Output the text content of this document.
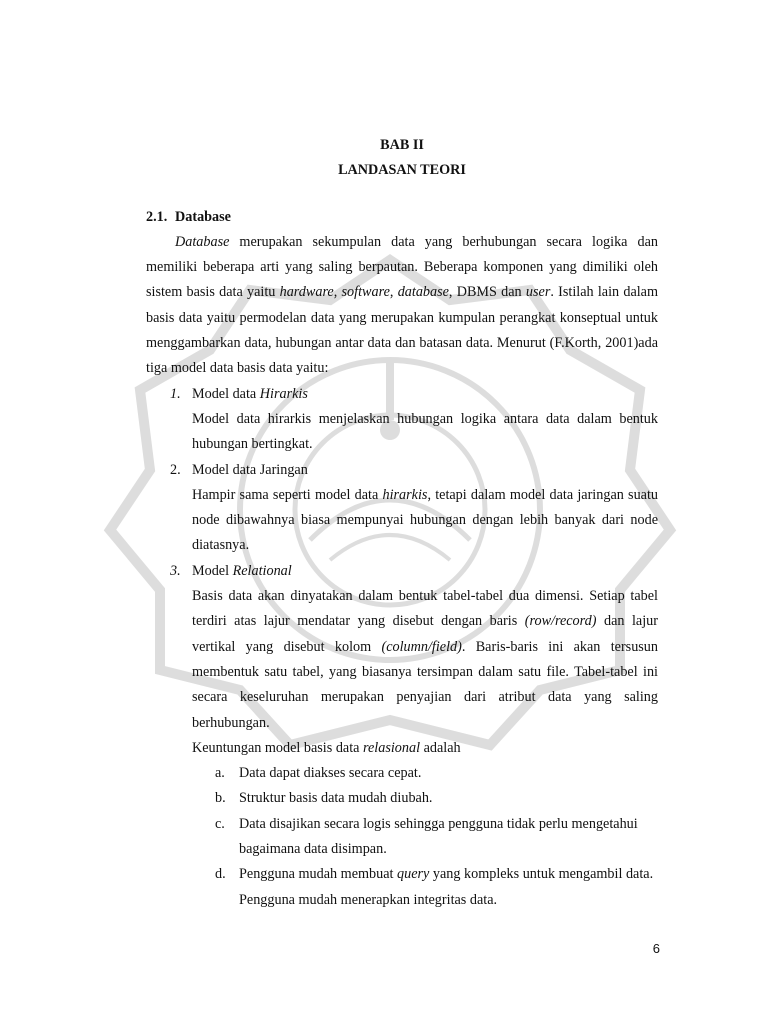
BAB II

LANDASAN TEORI

2.1. Database

Database merupakan sekumpulan data yang berhubungan secara logika dan memiliki beberapa arti yang saling berpautan. Beberapa komponen yang dimiliki oleh sistem basis data yaitu hardware, software, database, DBMS dan user. Istilah lain dalam basis data yaitu permodelan data yang merupakan kumpulan perangkat konseptual untuk menggambarkan data, hubungan antar data dan batasan data. Menurut (F.Korth, 2001)ada tiga model data basis data yaitu:

1. Model data Hirarkis
Model data hirarkis menjelaskan hubungan logika antara data dalam bentuk hubungan bertingkat.
2. Model data Jaringan
Hampir sama seperti model data hirarkis, tetapi dalam model data jaringan suatu node dibawahnya biasa mempunyai hubungan dengan lebih banyak dari node diatasnya.
3. Model Relational
Basis data akan dinyatakan dalam bentuk tabel-tabel dua dimensi. Setiap tabel terdiri atas lajur mendatar yang disebut dengan baris (row/record) dan lajur vertikal yang disebut kolom (column/field). Baris-baris ini akan tersusun membentuk satu tabel, yang biasanya tersimpan dalam satu file. Tabel-tabel ini secara keseluruhan merupakan penyajian dari atribut data yang saling berhubungan.

Keuntungan model basis data relasional adalah

a. Data dapat diakses secara cepat.
b. Struktur basis data mudah diubah.
c. Data disajikan secara logis sehingga pengguna tidak perlu mengetahui bagaimana data disimpan.
d. Pengguna mudah membuat query yang kompleks untuk mengambil data. Pengguna mudah menerapkan integritas data.
6
